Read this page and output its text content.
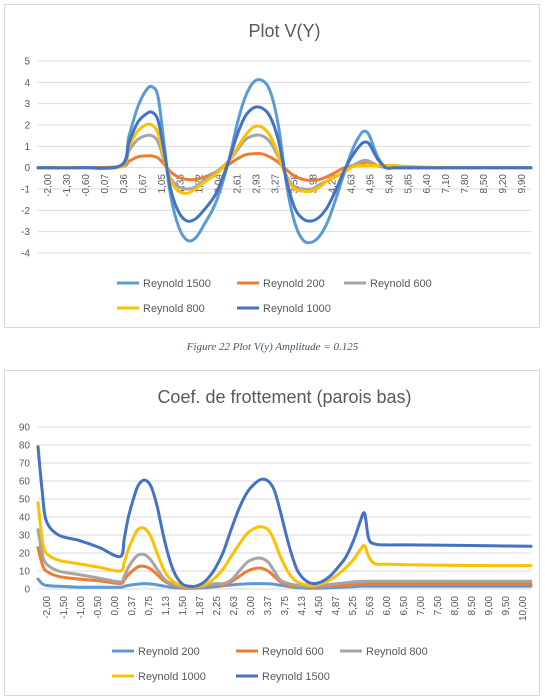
Plot V(Y)
5
4
3
2
1
0
-1
-2
-3
-4
-2,00 -1,30 -0,60 0,07 0,36 0,67 1,05 1,35 1,72 2,04 2,61 2,93 3,27 3,58 3,98 4,28 4,63 4,95 5,48 5,85 6,40 7,10 7,80 8,50 9,20 9,90
Reynold 1500	Reynold 200	Reynold 600
Reynold 800	Reynold 1000
Figure 22 Plot V(y) Amplitude = 0.125
Coef. de frottement (parois bas)
90
80
70
60
50
40
30
20
10
0
-2,00 -1,50 -1,00 -0,50 0,00 0,37 0,75 1,13 1,50 1,87 2,25 2,63 3,00 3,37 3,75 4,13 4,50 4,87 5,25 5,63 6,00 6,50 7,00 7,50 8,00 8,50 9,00 9,50 10,00
Reynold 200	Reynold 600	Reynold 800
Reynold 1000	Reynold 1500
